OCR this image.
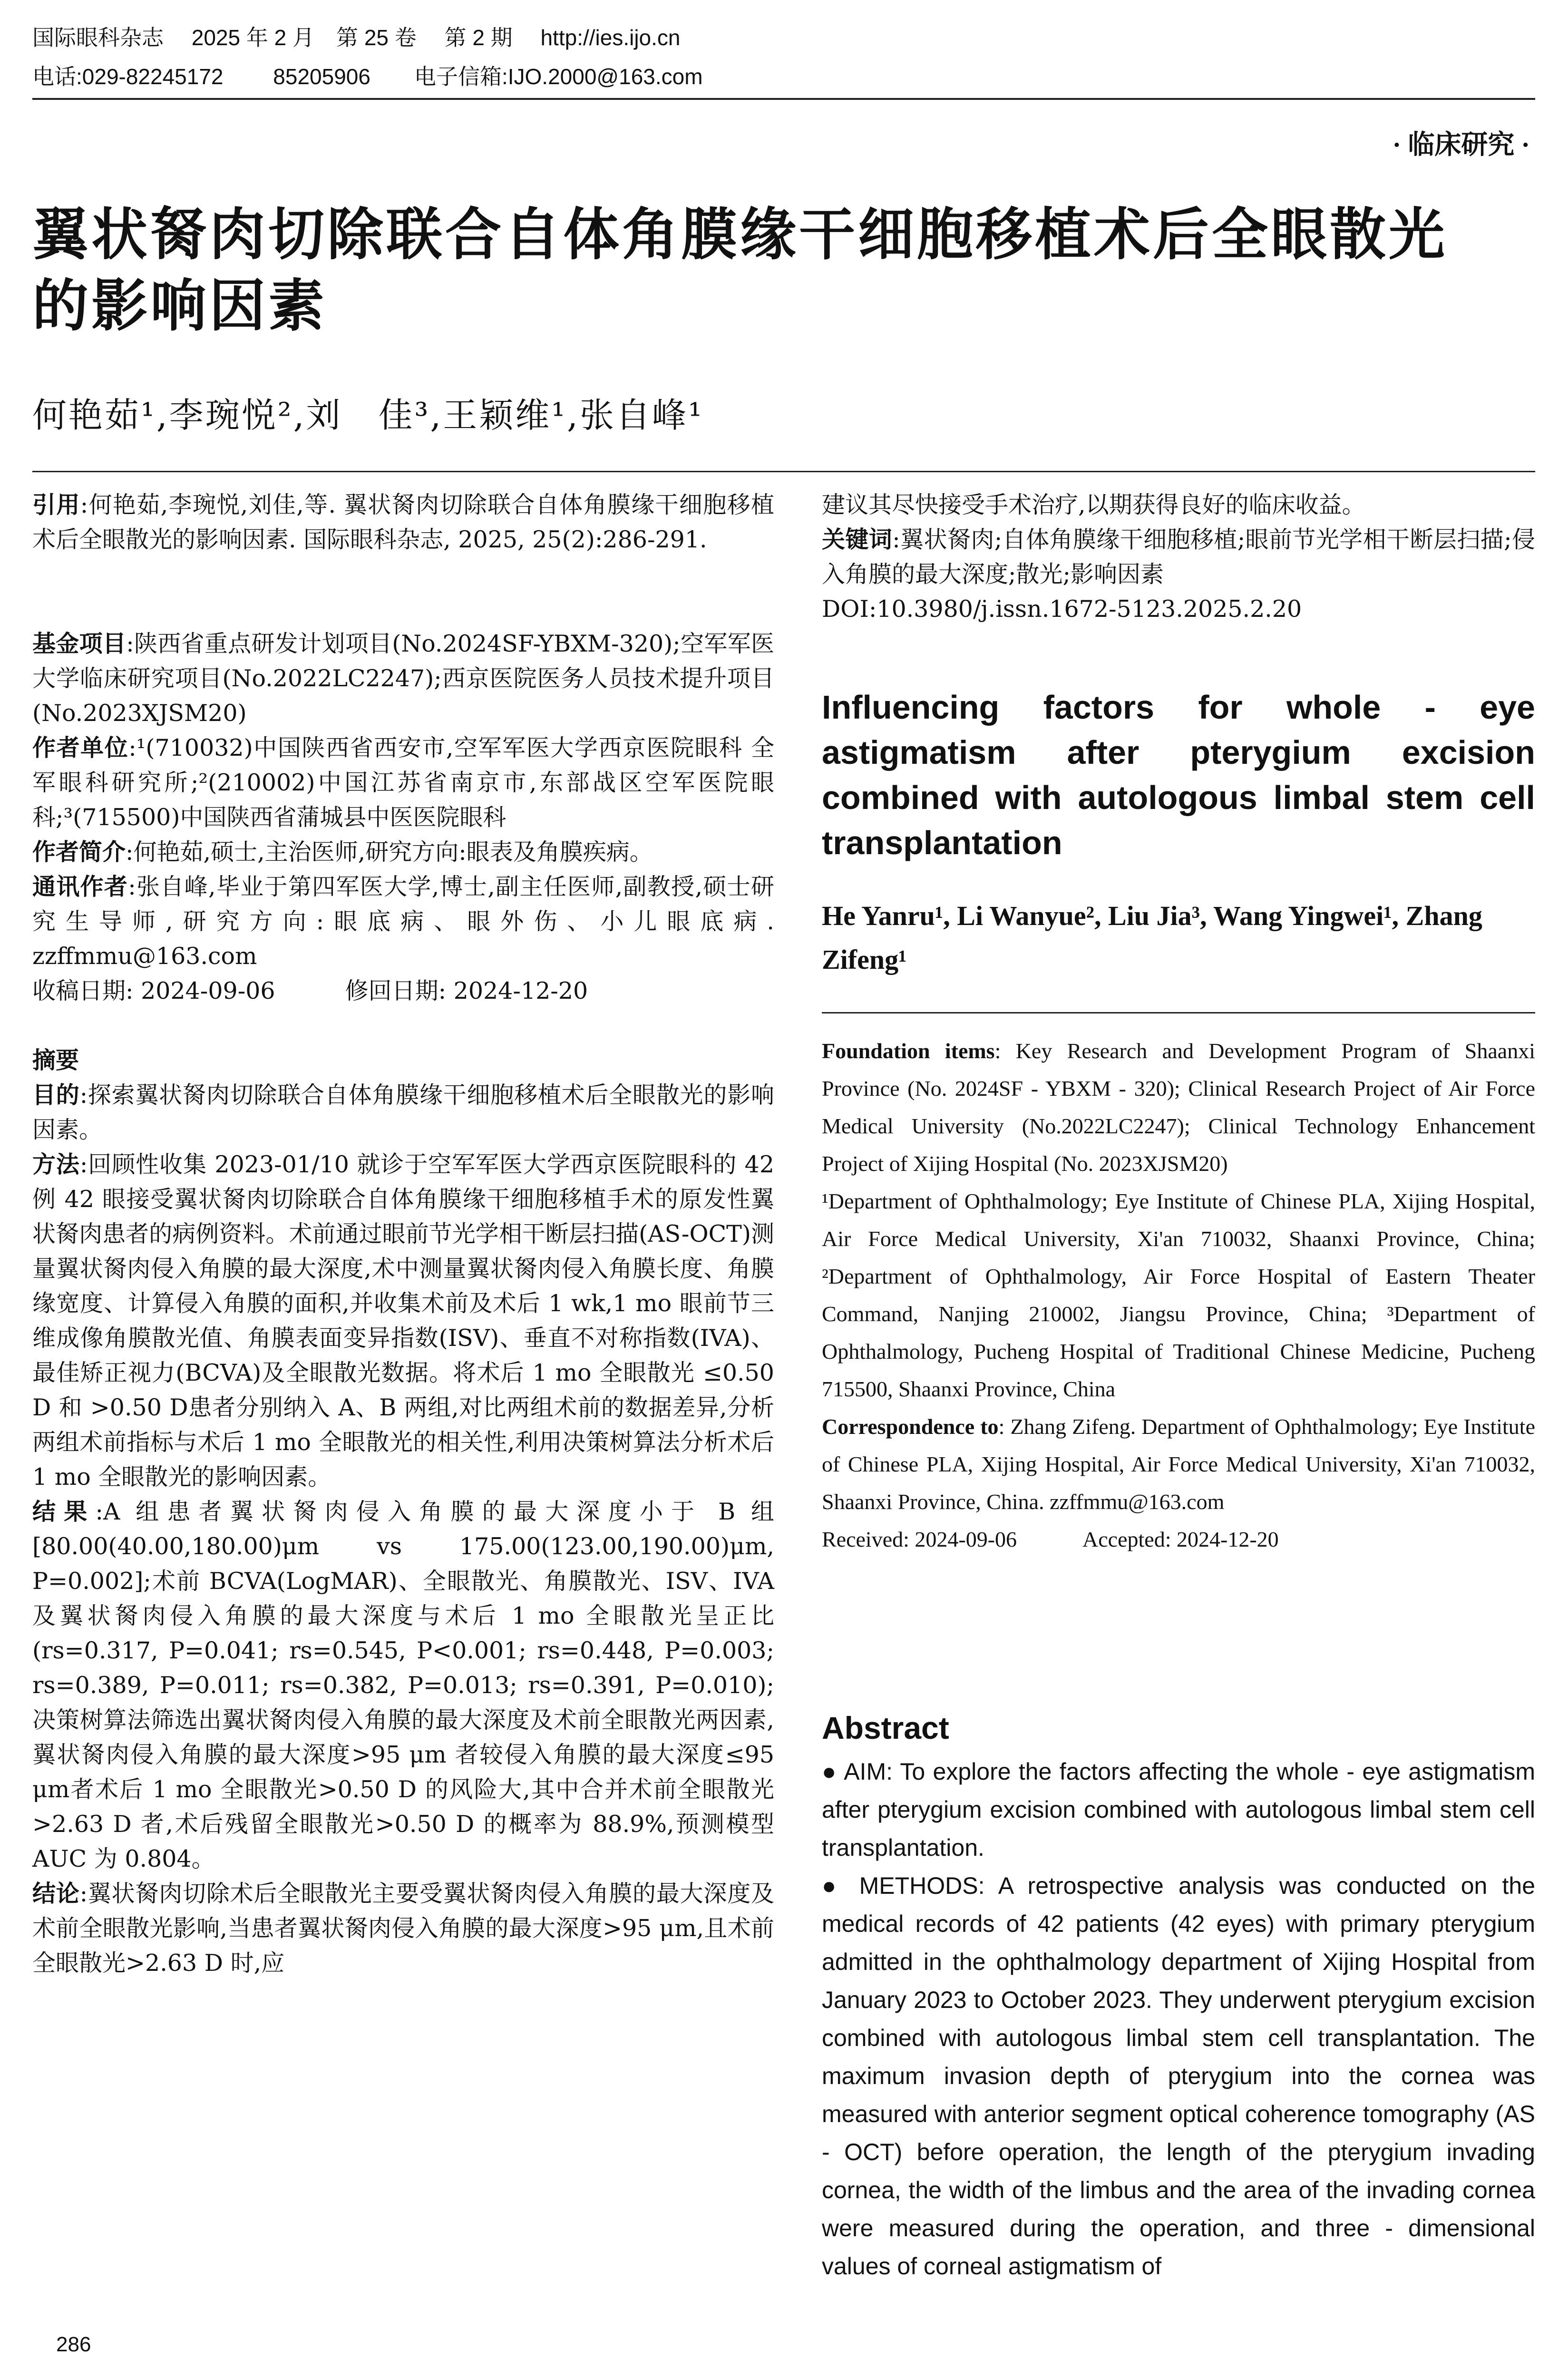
国际眼科杂志　 2025 年 2 月　第 25 卷　 第 2 期　 http://ies.ijo.cn
电话:029-82245172　　 85205906　　电子信箱:IJO.2000@163.com
· 临床研究 ·
翼状胬肉切除联合自体角膜缘干细胞移植术后全眼散光
的影响因素
何艳茹¹,李琬悦²,刘　佳³,王颖维¹,张自峰¹

引用:何艳茹,李琬悦,刘佳,等. 翼状胬肉切除联合自体角膜缘干细胞移植术后全眼散光的影响因素. 国际眼科杂志, 2025, 25(2):286-291.

基金项目:陕西省重点研发计划项目(No.2024SF-YBXM-320);空军军医大学临床研究项目(No.2022LC2247);西京医院医务人员技术提升项目(No.2023XJSM20)

作者单位:¹(710032)中国陕西省西安市,空军军医大学西京医院眼科 全军眼科研究所;²(210002)中国江苏省南京市,东部战区空军医院眼科;³(715500)中国陕西省蒲城县中医医院眼科

作者简介:何艳茹,硕士,主治医师,研究方向:眼表及角膜疾病。

通讯作者:张自峰,毕业于第四军医大学,博士,副主任医师,副教授,硕士研究生导师,研究方向:眼底病、眼外伤、小儿眼底病. zzffmmu@163.com

收稿日期: 2024-09-06　　　修回日期: 2024-12-20

摘要

目的:探索翼状胬肉切除联合自体角膜缘干细胞移植术后全眼散光的影响因素。

方法:回顾性收集 2023-01/10 就诊于空军军医大学西京医院眼科的 42 例 42 眼接受翼状胬肉切除联合自体角膜缘干细胞移植手术的原发性翼状胬肉患者的病例资料。术前通过眼前节光学相干断层扫描(AS-OCT)测量翼状胬肉侵入角膜的最大深度,术中测量翼状胬肉侵入角膜长度、角膜缘宽度、计算侵入角膜的面积,并收集术前及术后 1 wk,1 mo 眼前节三维成像角膜散光值、角膜表面变异指数(ISV)、垂直不对称指数(IVA)、最佳矫正视力(BCVA)及全眼散光数据。将术后 1 mo 全眼散光 ≤0.50 D 和 >0.50 D患者分别纳入 A、B 两组,对比两组术前的数据差异,分析两组术前指标与术后 1 mo 全眼散光的相关性,利用决策树算法分析术后 1 mo 全眼散光的影响因素。

结果:A 组患者翼状胬肉侵入角膜的最大深度小于 B 组[80.00(40.00,180.00)μm vs 175.00(123.00,190.00)μm, P=0.002];术前 BCVA(LogMAR)、全眼散光、角膜散光、ISV、IVA 及翼状胬肉侵入角膜的最大深度与术后 1 mo 全眼散光呈正比(rs=0.317, P=0.041; rs=0.545, P<0.001; rs=0.448, P=0.003; rs=0.389, P=0.011; rs=0.382, P=0.013; rs=0.391, P=0.010);决策树算法筛选出翼状胬肉侵入角膜的最大深度及术前全眼散光两因素,翼状胬肉侵入角膜的最大深度>95 μm 者较侵入角膜的最大深度≤95 μm者术后 1 mo 全眼散光>0.50 D 的风险大,其中合并术前全眼散光>2.63 D 者,术后残留全眼散光>0.50 D 的概率为 88.9%,预测模型 AUC 为 0.804。

结论:翼状胬肉切除术后全眼散光主要受翼状胬肉侵入角膜的最大深度及术前全眼散光影响,当患者翼状胬肉侵入角膜的最大深度>95 μm,且术前全眼散光>2.63 D 时,应

建议其尽快接受手术治疗,以期获得良好的临床收益。

关键词:翼状胬肉;自体角膜缘干细胞移植;眼前节光学相干断层扫描;侵入角膜的最大深度;散光;影响因素

DOI:10.3980/j.issn.1672-5123.2025.2.20

Influencing factors for whole - eye astigmatism after pterygium excision combined with autologous limbal stem cell transplantation
He Yanru¹, Li Wanyue², Liu Jia³, Wang Yingwei¹, Zhang Zifeng¹

Foundation items: Key Research and Development Program of Shaanxi Province (No. 2024SF - YBXM - 320); Clinical Research Project of Air Force Medical University (No.2022LC2247); Clinical Technology Enhancement Project of Xijing Hospital (No. 2023XJSM20)

¹Department of Ophthalmology; Eye Institute of Chinese PLA, Xijing Hospital, Air Force Medical University, Xi'an 710032, Shaanxi Province, China; ²Department of Ophthalmology, Air Force Hospital of Eastern Theater Command, Nanjing 210002, Jiangsu Province, China; ³Department of Ophthalmology, Pucheng Hospital of Traditional Chinese Medicine, Pucheng 715500, Shaanxi Province, China

Correspondence to: Zhang Zifeng. Department of Ophthalmology; Eye Institute of Chinese PLA, Xijing Hospital, Air Force Medical University, Xi'an 710032, Shaanxi Province, China. zzffmmu@163.com

Received: 2024-09-06　　　Accepted: 2024-12-20

Abstract

● AIM: To explore the factors affecting the whole - eye astigmatism after pterygium excision combined with autologous limbal stem cell transplantation.

● METHODS: A retrospective analysis was conducted on the medical records of 42 patients (42 eyes) with primary pterygium admitted in the ophthalmology department of Xijing Hospital from January 2023 to October 2023. They underwent pterygium excision combined with autologous limbal stem cell transplantation. The maximum invasion depth of pterygium into the cornea was measured with anterior segment optical coherence tomography (AS - OCT) before operation, the length of the pterygium invading cornea, the width of the limbus and the area of the invading cornea were measured during the operation, and three - dimensional values of corneal astigmatism of

286
